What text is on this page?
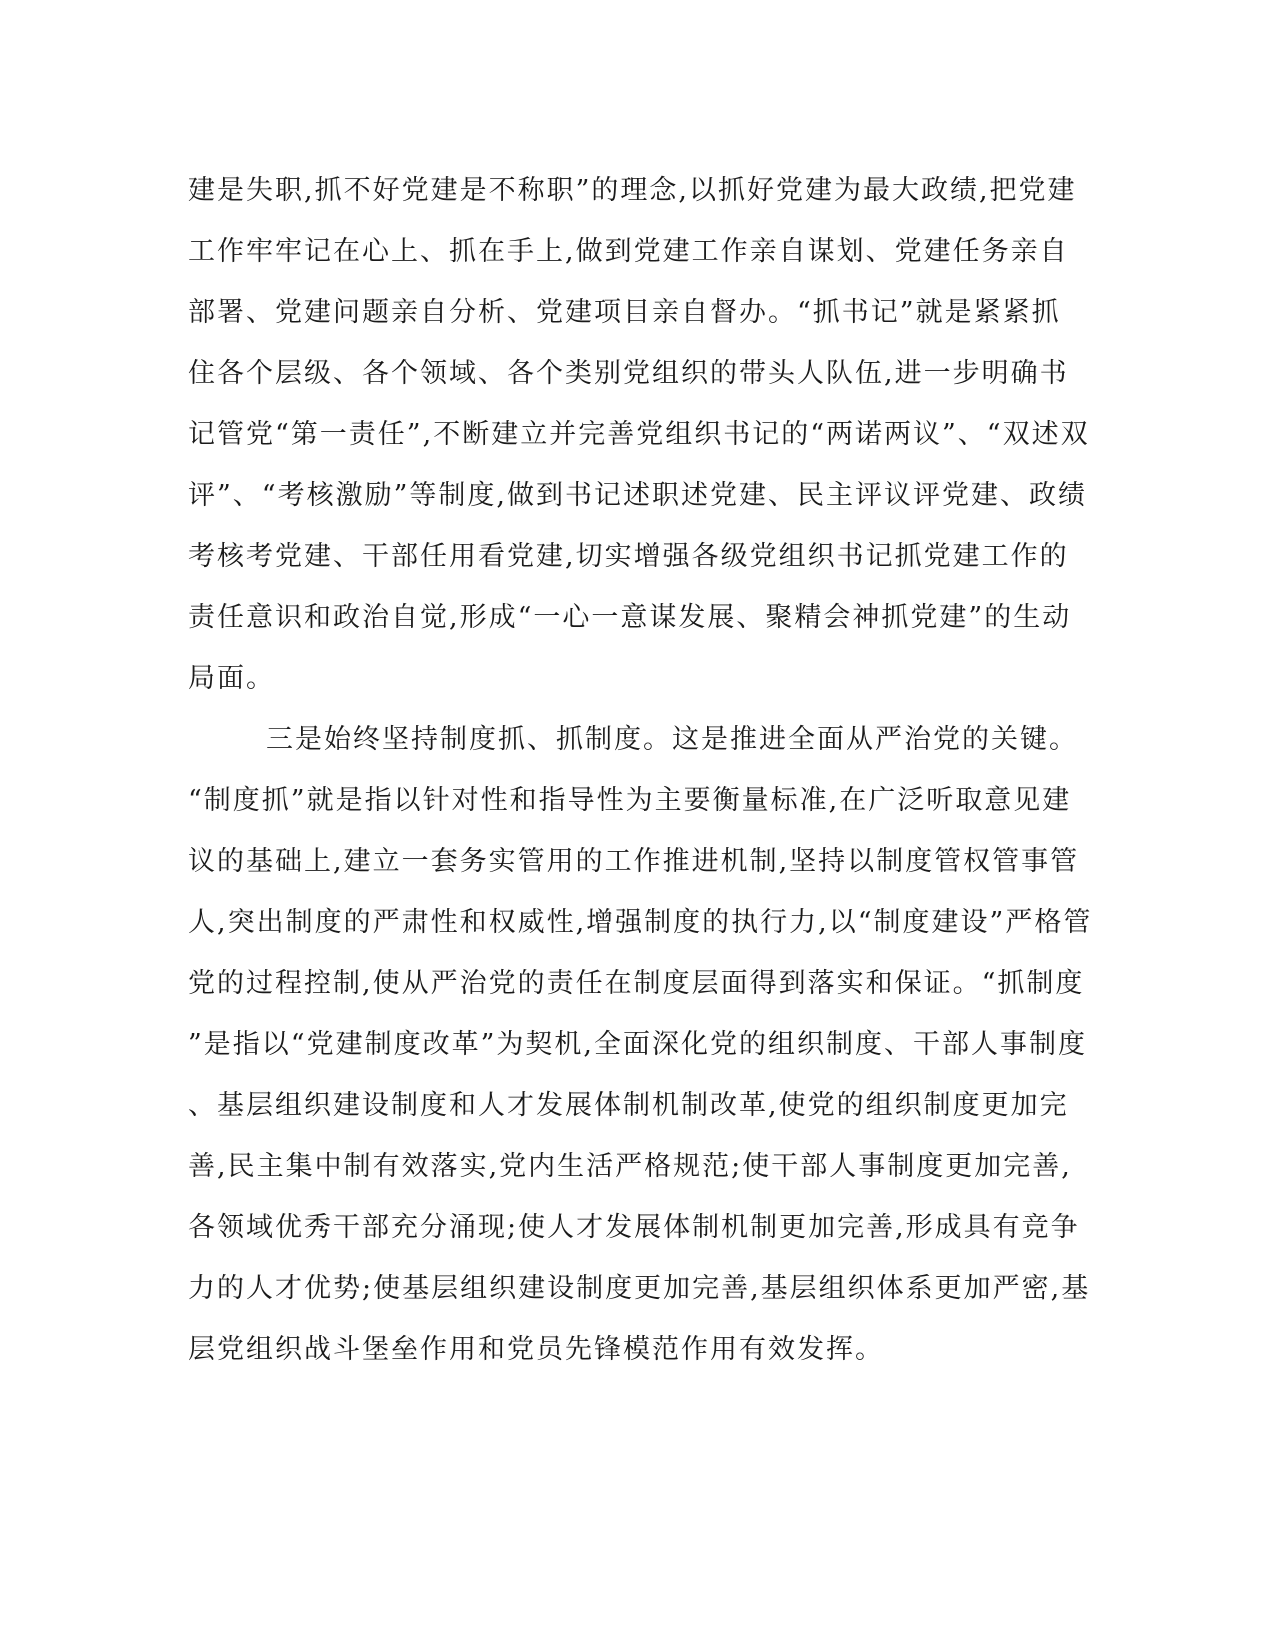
建是失职,抓不好党建是不称职”的理念,以抓好党建为最大政绩,把党建
工作牢牢记在心上、抓在手上,做到党建工作亲自谋划、党建任务亲自
部署、党建问题亲自分析、党建项目亲自督办。“抓书记”就是紧紧抓
住各个层级、各个领域、各个类别党组织的带头人队伍,进一步明确书
记管党“第一责任”,不断建立并完善党组织书记的“两诺两议”、“双述双
评”、“考核激励”等制度,做到书记述职述党建、民主评议评党建、政绩
考核考党建、干部任用看党建,切实增强各级党组织书记抓党建工作的
责任意识和政治自觉,形成“一心一意谋发展、聚精会神抓党建”的生动
局面。
三是始终坚持制度抓、抓制度。这是推进全面从严治党的关键。
“制度抓”就是指以针对性和指导性为主要衡量标准,在广泛听取意见建
议的基础上,建立一套务实管用的工作推进机制,坚持以制度管权管事管
人,突出制度的严肃性和权威性,增强制度的执行力,以“制度建设”严格管
党的过程控制,使从严治党的责任在制度层面得到落实和保证。“抓制度
”是指以“党建制度改革”为契机,全面深化党的组织制度、干部人事制度
、基层组织建设制度和人才发展体制机制改革,使党的组织制度更加完
善,民主集中制有效落实,党内生活严格规范;使干部人事制度更加完善,
各领域优秀干部充分涌现;使人才发展体制机制更加完善,形成具有竞争
力的人才优势;使基层组织建设制度更加完善,基层组织体系更加严密,基
层党组织战斗堡垒作用和党员先锋模范作用有效发挥。
